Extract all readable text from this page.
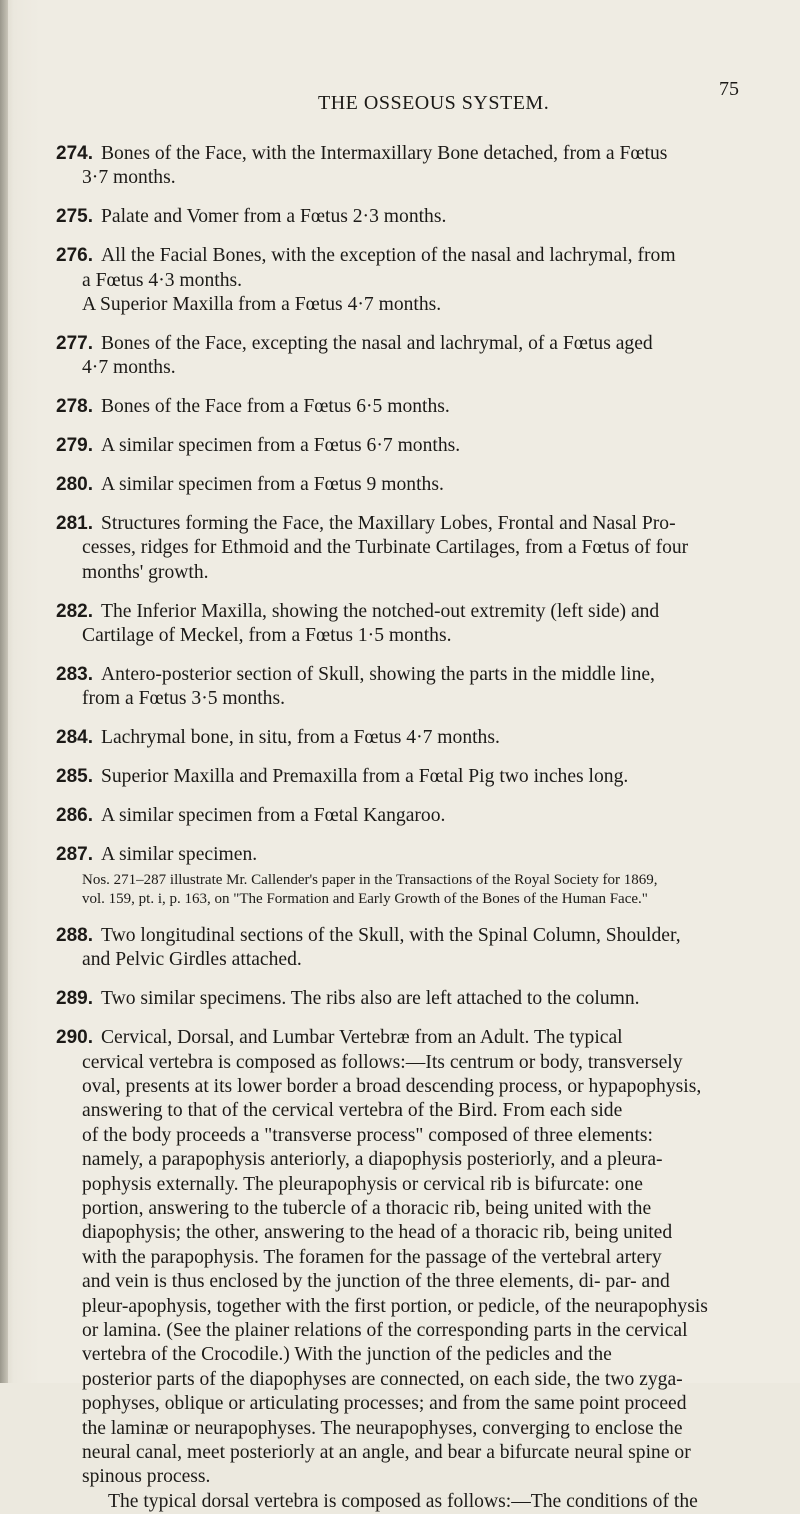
THE OSSEOUS SYSTEM.
75
274. Bones of the Face, with the Intermaxillary Bone detached, from a Fœtus
3·7 months.
275. Palate and Vomer from a Fœtus 2·3 months.
276. All the Facial Bones, with the exception of the nasal and lachrymal, from
a Fœtus 4·3 months.
A Superior Maxilla from a Fœtus 4·7 months.
277. Bones of the Face, excepting the nasal and lachrymal, of a Fœtus aged
4·7 months.
278. Bones of the Face from a Fœtus 6·5 months.
279. A similar specimen from a Fœtus 6·7 months.
280. A similar specimen from a Fœtus 9 months.
281. Structures forming the Face, the Maxillary Lobes, Frontal and Nasal Pro-
cesses, ridges for Ethmoid and the Turbinate Cartilages, from a Fœtus of four
months' growth.
282. The Inferior Maxilla, showing the notched-out extremity (left side) and
Cartilage of Meckel, from a Fœtus 1·5 months.
283. Antero-posterior section of Skull, showing the parts in the middle line,
from a Fœtus 3·5 months.
284. Lachrymal bone, in situ, from a Fœtus 4·7 months.
285. Superior Maxilla and Premaxilla from a Fœtal Pig two inches long.
286. A similar specimen from a Fœtal Kangaroo.
287. A similar specimen.
Nos. 271–287 illustrate Mr. Callender's paper in the Transactions of the Royal Society for 1869,
vol. 159, pt. i, p. 163, on "The Formation and Early Growth of the Bones of the Human Face."
288. Two longitudinal sections of the Skull, with the Spinal Column, Shoulder,
and Pelvic Girdles attached.
289. Two similar specimens. The ribs also are left attached to the column.
290. Cervical, Dorsal, and Lumbar Vertebræ from an Adult. The typical
cervical vertebra is composed as follows:—Its centrum or body, transversely
oval, presents at its lower border a broad descending process, or hypapophysis,
answering to that of the cervical vertebra of the Bird. From each side
of the body proceeds a "transverse process" composed of three elements:
namely, a parapophysis anteriorly, a diapophysis posteriorly, and a pleura-
pophysis externally. The pleurapophysis or cervical rib is bifurcate: one
portion, answering to the tubercle of a thoracic rib, being united with the
diapophysis; the other, answering to the head of a thoracic rib, being united
with the parapophysis. The foramen for the passage of the vertebral artery
and vein is thus enclosed by the junction of the three elements, di- par- and
pleur-apophysis, together with the first portion, or pedicle, of the neurapophysis
or lamina. (See the plainer relations of the corresponding parts in the cervical
vertebra of the Crocodile.) With the junction of the pedicles and the
posterior parts of the diapophyses are connected, on each side, the two zyga-
pophyses, oblique or articulating processes; and from the same point proceed
the laminæ or neurapophyses. The neurapophyses, converging to enclose the
neural canal, meet posteriorly at an angle, and bear a bifurcate neural spine or
spinous process.
The typical dorsal vertebra is composed as follows:—The conditions of the
